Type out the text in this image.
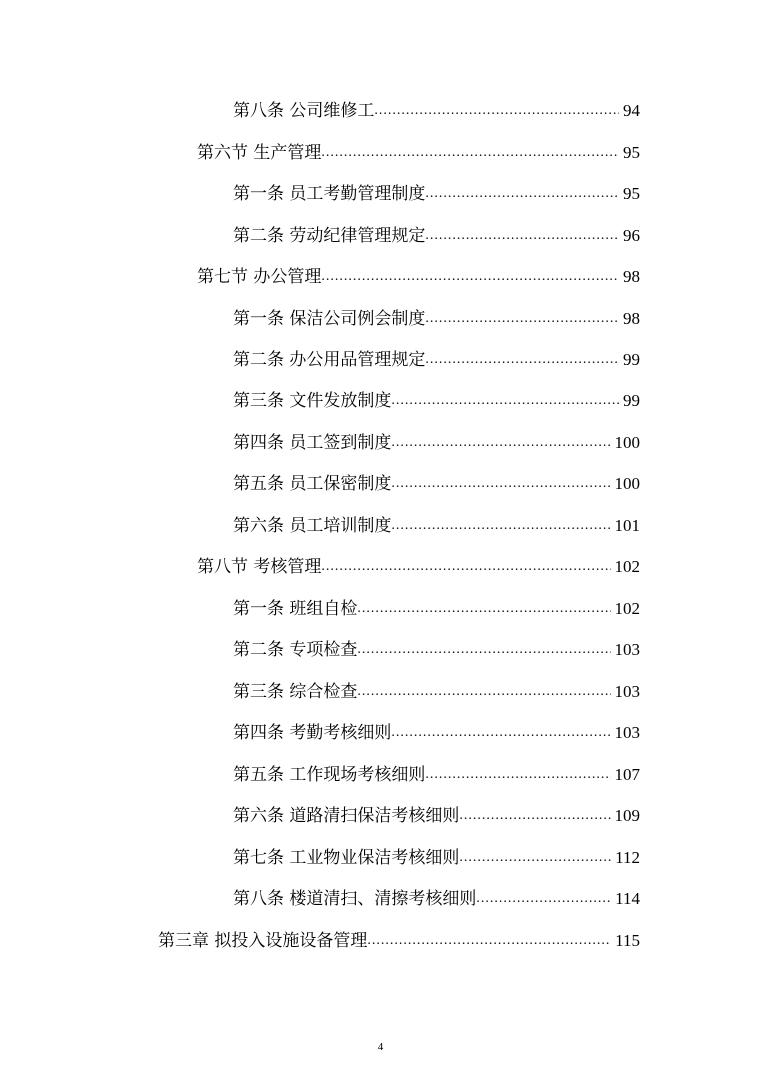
第八条 公司维修工 .....	94
第六节 生产管理 .....	95
第一条 员工考勤管理制度 .....	95
第二条 劳动纪律管理规定 .....	96
第七节 办公管理 .....	98
第一条 保洁公司例会制度 .....	98
第二条 办公用品管理规定 .....	99
第三条 文件发放制度 .....	99
第四条 员工签到制度 .....	100
第五条 员工保密制度 .....	100
第六条 员工培训制度 .....	101
第八节 考核管理 .....	102
第一条 班组自检 .....	102
第二条 专项检查 .....	103
第三条 综合检查 .....	103
第四条 考勤考核细则 .....	103
第五条 工作现场考核细则 .....	107
第六条 道路清扫保洁考核细则 .....	109
第七条 工业物业保洁考核细则 .....	112
第八条 楼道清扫、清擦考核细则 .....	114
第三章 拟投入设施设备管理 .....	115
4
